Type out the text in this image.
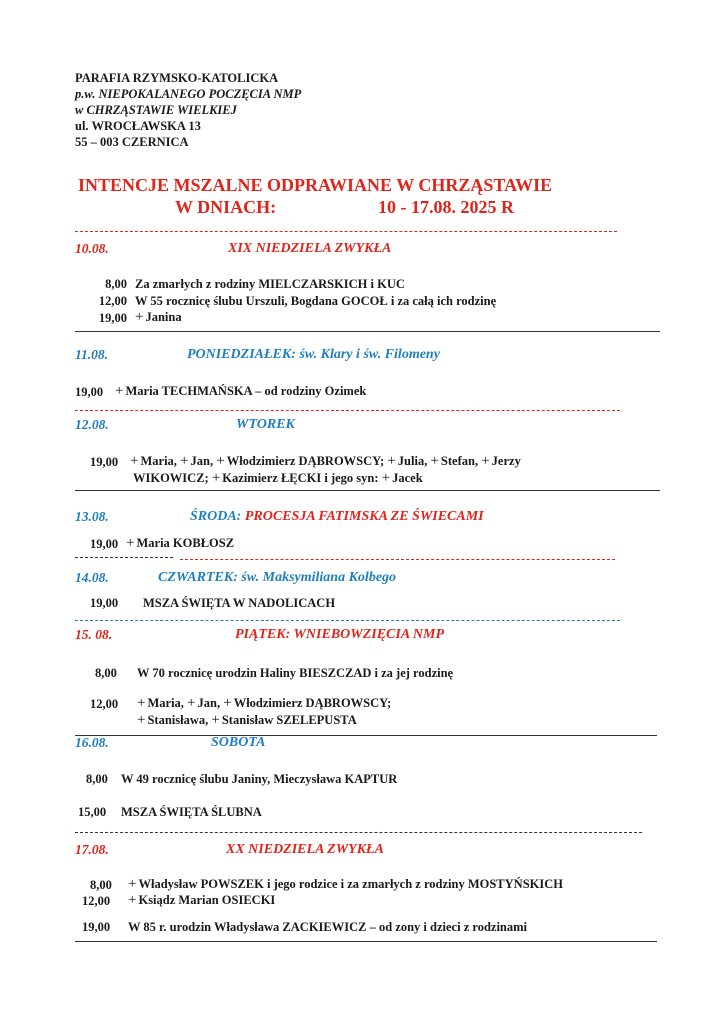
PARAFIA RZYMSKO-KATOLICKA
p.w. NIEPOKALANEGO POCZĘCIA NMP
w CHRZĄSTAWIE WIELKIEJ
ul. WROCŁAWSKA 13
55 – 003 CZERNICA
INTENCJE MSZALNE ODPRAWIANE W CHRZĄSTAWIE
W DNIACH:	10 - 17.08. 2025 R
10.08.	XIX NIEDZIELA ZWYKŁA
8,00 Za zmarłych z rodziny MIELCZARSKICH i KUC
12,00 W 55 rocznicę ślubu Urszuli, Bogdana GOCOŁ i za całą ich rodzinę
19,00 + Janina
11.08.	PONIEDZIAŁEK: św. Klary i św. Filomeny
19,00 + Maria TECHMAŃSKA – od rodziny Ozimek
12.08.	WTOREK
19,00 + Maria, + Jan, + Włodzimierz DĄBROWSCY; + Julia, + Stefan, + Jerzy
WIKOWICZ; + Kazimierz ŁĘCKI i jego syn: + Jacek
13.08.	ŚRODA: PROCESJA FATIMSKA ZE ŚWIECAMI
19,00 + Maria KOBŁOSZ
14.08.	CZWARTEK: św. Maksymiliana Kolbego
19,00 MSZA ŚWIĘTA W NADOLICACH
15. 08.	PIĄTEK: WNIEBOWZIĘCIA NMP
8,00 W 70 rocznicę urodzin Haliny BIESZCZAD i za jej rodzinę
12,00 + Maria, + Jan, + Włodzimierz DĄBROWSCY;
+ Stanisława, + Stanisław SZELEPUSTA
16.08.	SOBOTA
8,00 W 49 rocznicę ślubu Janiny, Mieczysława KAPTUR
15,00 MSZA ŚWIĘTA ŚLUBNA
17.08.	XX NIEDZIELA ZWYKŁA
8,00 + Władysław POWSZEK i jego rodzice i za zmarłych z rodziny MOSTYŃSKICH
12,00 + Ksiądz Marian OSIECKI
19,00 W 85 r. urodzin Władysława ZACKIEWICZ – od zony i dzieci z rodzinami
